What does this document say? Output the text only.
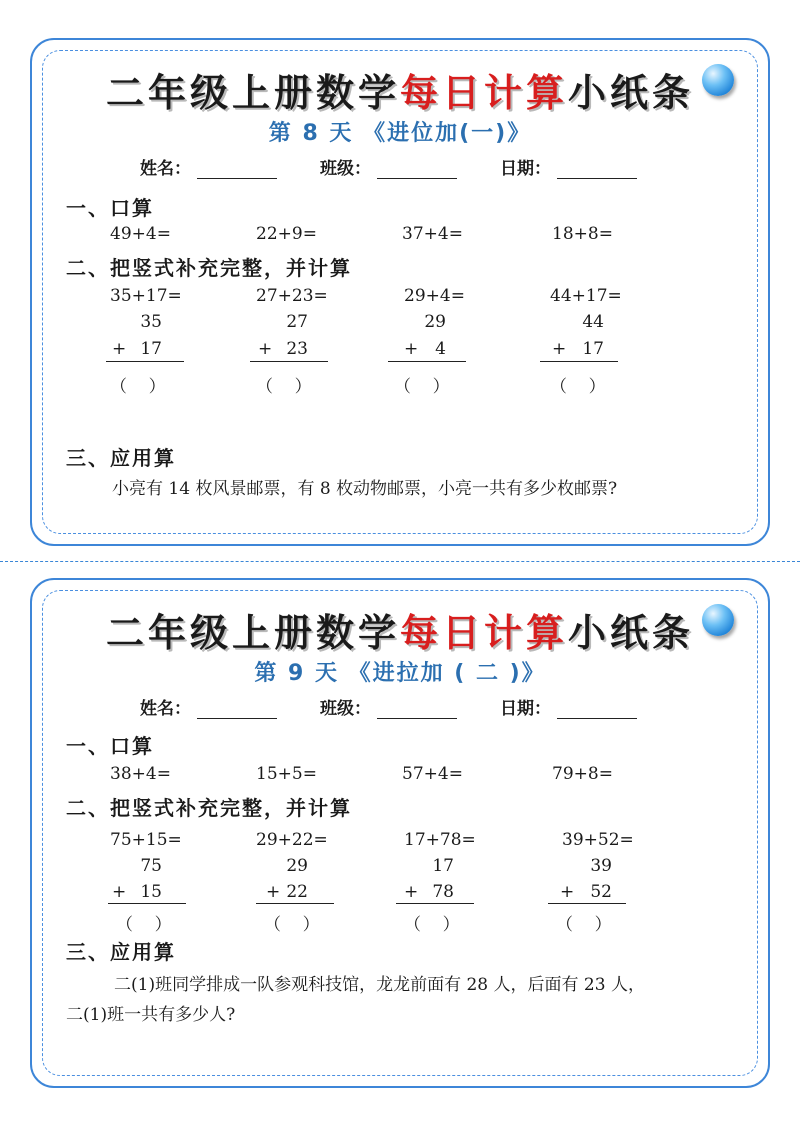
二年级上册数学每日计算小纸条
第 8 天 《进位加(一)》
姓名：	班级：	日期：
一、口算
49+4=	22+9=	37+4=	18+8=
二、把竖式补充完整，并计算
35+17=
35
+ 17
（    ）
27+23=
27
+ 23
（    ）
29+4=
29
+ 4
（    ）
44+17=
44
+ 17
（    ）
三、应用算
小亮有 14 枚风景邮票，有 8 枚动物邮票，小亮一共有多少枚邮票?
二年级上册数学每日计算小纸条
第 9 天 《进拉加 ( 二 )》
姓名：	班级：	日期：
一、口算
38+4=	15+5=	57+4=	79+8=
二、把竖式补充完整，并计算
75+15=
75
+ 15
（    ）
29+22=
29
+ 22
（    ）
17+78=
17
+ 78
（    ）
39+52=
39
+ 52
（    ）
三、应用算
二(1)班同学排成一队参观科技馆，龙龙前面有 28 人，后面有 23 人，
二(1)班一共有多少人?
